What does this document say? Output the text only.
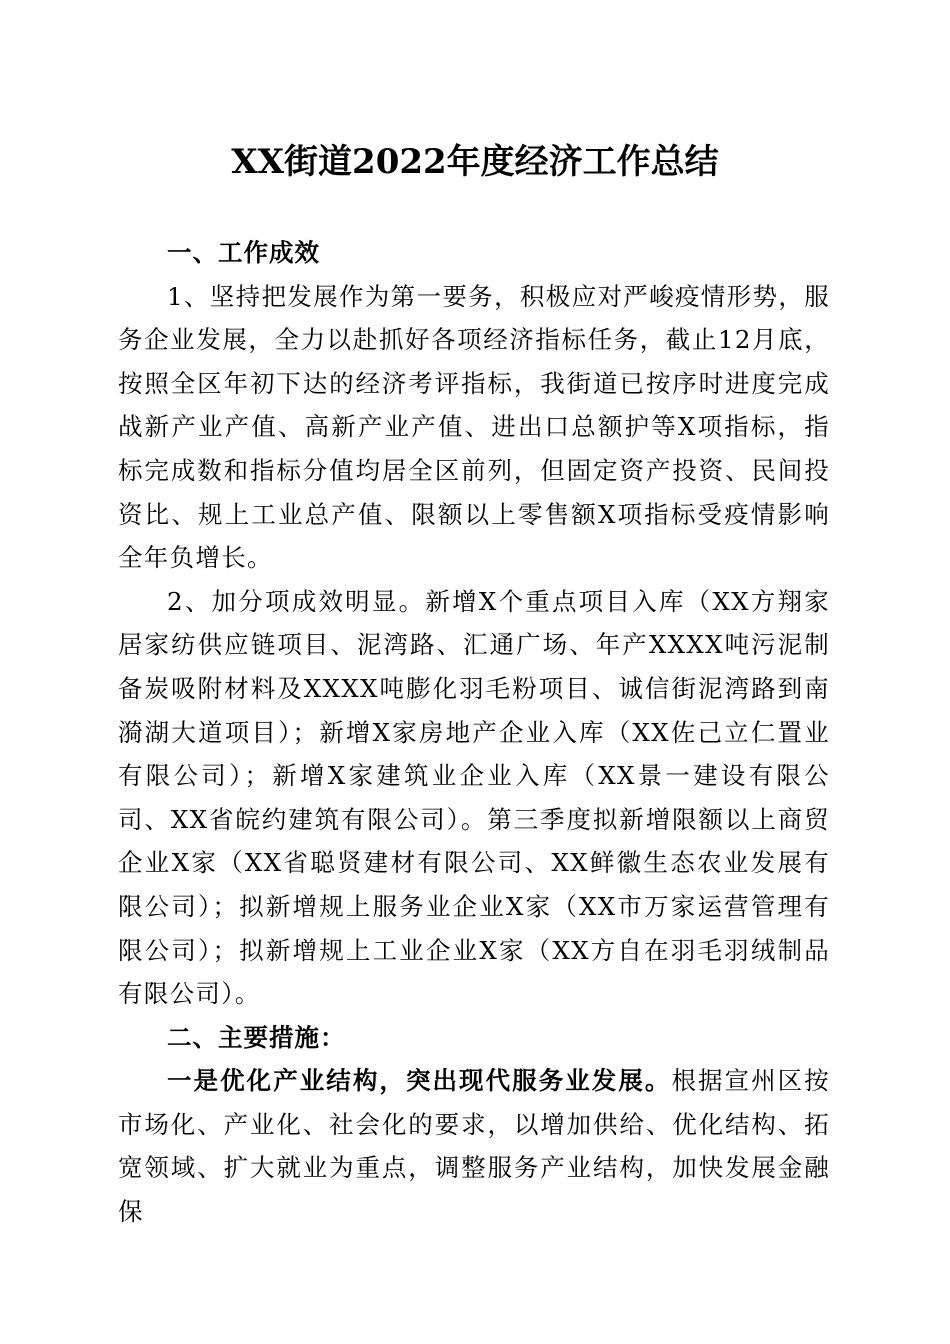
XX街道2022年度经济工作总结

一、工作成效

1、坚持把发展作为第一要务，积极应对严峻疫情形势，服务企业发展，全力以赴抓好各项经济指标任务，截止12月底，按照全区年初下达的经济考评指标，我街道已按序时进度完成战新产业产值、高新产业产值、进出口总额护等X项指标，指标完成数和指标分值均居全区前列，但固定资产投资、民间投资比、规上工业总产值、限额以上零售额X项指标受疫情影响全年负增长。

2、加分项成效明显。新增X个重点项目入库（XX方翔家居家纺供应链项目、泥湾路、汇通广场、年产XXXX吨污泥制备炭吸附材料及XXXX吨膨化羽毛粉项目、诚信街泥湾路到南漪湖大道项目）；新增X家房地产企业入库（XX佐己立仁置业有限公司）；新增X家建筑业企业入库（XX景一建设有限公司、XX省皖约建筑有限公司）。第三季度拟新增限额以上商贸企业X家（XX省聪贤建材有限公司、XX鲜徽生态农业发展有限公司）；拟新增规上服务业企业X家（XX市万家运营管理有限公司）；拟新增规上工业企业X家（XX方自在羽毛羽绒制品有限公司）。

二、主要措施：

一是优化产业结构，突出现代服务业发展。根据宣州区按市场化、产业化、社会化的要求，以增加供给、优化结构、拓宽领域、扩大就业为重点，调整服务产业结构，加快发展金融保
